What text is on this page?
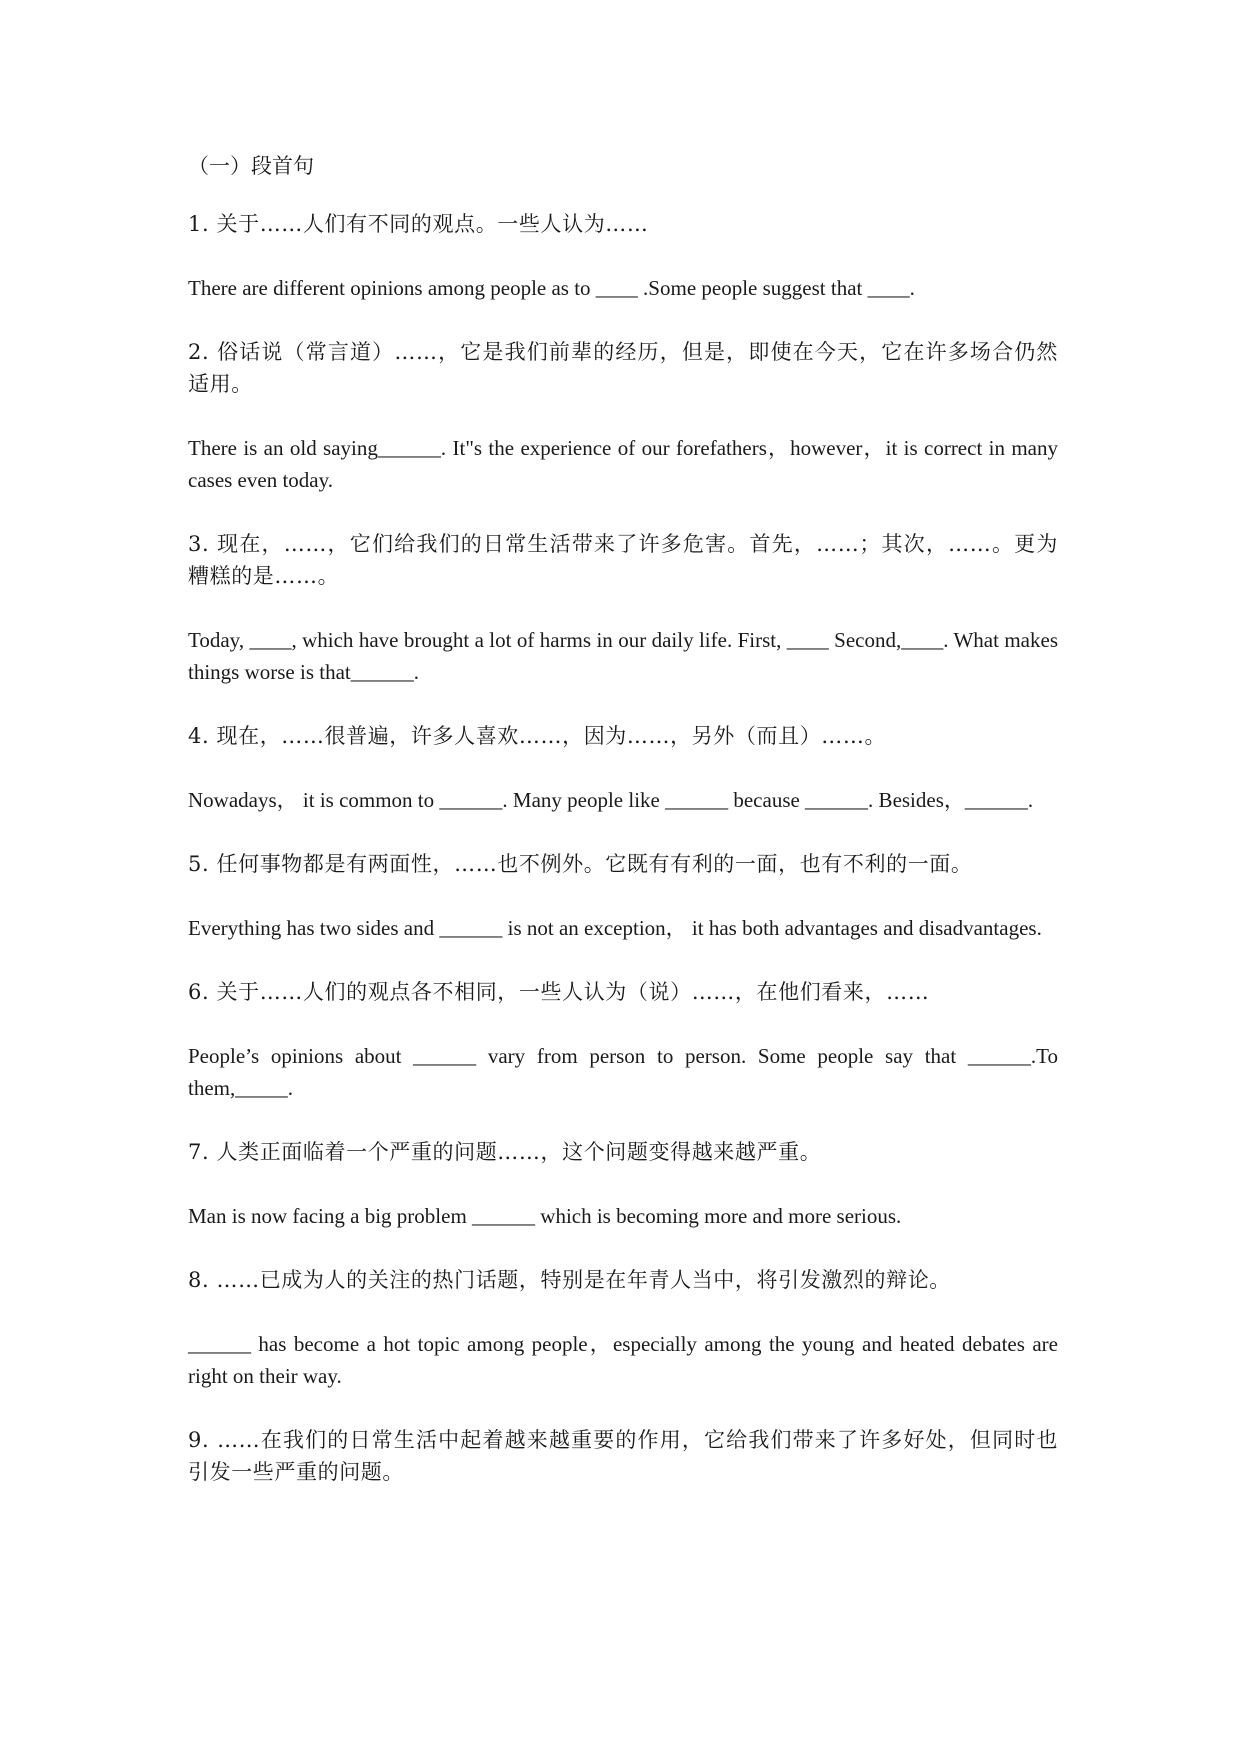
（一）段首句

1. 关于……人们有不同的观点。一些人认为……

There are different opinions among people as to ____ .Some people suggest that ____.

2. 俗话说（常言道）……，它是我们前辈的经历，但是，即使在今天，它在许多场合仍然适用。

There is an old saying______. It"s the experience of our forefathers，however，it is correct in many cases even today.

3. 现在，……，它们给我们的日常生活带来了许多危害。首先，……；其次，……。更为糟糕的是……。

Today, ____, which have brought a lot of harms in our daily life. First, ____ Second,____. What makes things worse is that______.

4. 现在，……很普遍，许多人喜欢……，因为……，另外（而且）……。

Nowadays， it is common to ______. Many people like ______ because ______. Besides，______.

5. 任何事物都是有两面性，……也不例外。它既有有利的一面，也有不利的一面。

Everything has two sides and ______ is not an exception， it has both advantages and disadvantages.

6. 关于……人们的观点各不相同，一些人认为（说）……，在他们看来，……

People’s opinions about ______ vary from person to person. Some people say that ______.To them,_____.

7. 人类正面临着一个严重的问题……，这个问题变得越来越严重。

Man is now facing a big problem ______ which is becoming more and more serious.

8. ……已成为人的关注的热门话题，特别是在年青人当中，将引发激烈的辩论。

______ has become a hot topic among people，especially among the young and heated debates are right on their way.

9. ……在我们的日常生活中起着越来越重要的作用，它给我们带来了许多好处，但同时也引发一些严重的问题。
